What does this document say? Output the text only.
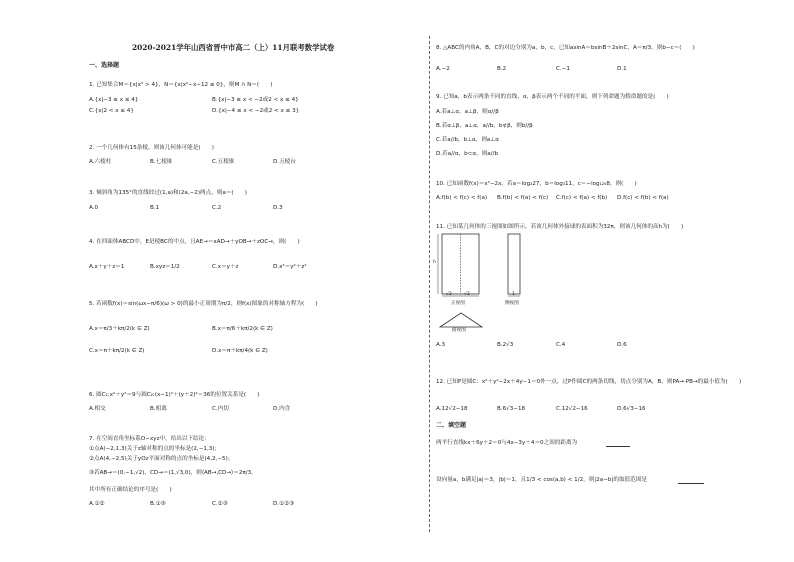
2020-2021学年山西省晋中市高二（上）11月联考数学试卷
一、选择题
1. 已知集合M＝{x|x² > 4}，N＝{x|x²−x−12 ≤ 0}，则M ∩ N＝(　　)
A.{x|−3 ≤ x ≤ 4}	B.{x|−3 ≤ x < −2或2 < x ≤ 4}
C.{x|2 < x ≤ 4}	D.{x|−4 ≤ x < −2或2 < x ≤ 3}
2. 一个几何体有15条棱，则该几何体可能是(　　)
A.六棱柱	B.七棱锥	C.五棱锥	D.五棱台
3. 倾斜角为135°的直线经过(1,a)和(2a,−2)两点，则a＝(　　)
A.0	B.1	C.2	D.3
4. 在四面体ABCD中，E是棱BC的中点，且AE→＝xAD→＋yOB→＋zOC→，则(　　)
A.x＋y＋z＝1	B.xyz＝1/2	C.x＝y＋z	D.x²＝y²＋z²
5. 若函数f(x)＝sin(ωx−π/6)(ω > 0)的最小正周期为π/2，则f(x)图象的对称轴方程为(　　)
A.x＝π/3＋kπ/2(k ∈ Z)	B.x＝π/6＋kπ/2(k ∈ Z)
C.x＝π＋kπ/2(k ∈ Z)	D.x＝π＋kπ/4(k ∈ Z)
6. 圆C₁:x²＋y²＝9与圆C₂:(x−1)²＋(y＋2)²＝36的位置关系是(　　)
A.相交	B.相离	C.内切	D.内含
7. 在空间直角坐标系O−xyz中，给出以下结论：
①点A(−2,1,3)关于z轴对称的点的坐标是(2,−1,3)；
②点A(4,−2,5)关于yOz平面对称的点的坐标是(4,2,−5)；
③若AB→＝(0,−1,√2)，CD→＝(1,√3,0)，则⟨AB→,CD→⟩＝2π/3。
其中所有正确结论的序号是(　　)
A.①②	B.①③	C.②③	D.①②③
8. △ABC的内角A，B，C的对边分别为a，b，c，已知asinA＝bsinB＋2sinC，A＝π/3，则b−c＝(　　)
A.−2	B.2	C.−1	D.1
9. 已知a，b表示两条不同的直线，α，β表示两个不同的平面，则下列命题为假命题的是(　　)
A.若a⊥α，a⊥β，则α//β
B.若α⊥β，a⊥α，a//b，b⊄β，则b//β
C.若a//b，b⊥α，则a⊥α
D.若a//α，b⊂α，则a//b
10. 已知函数f(x)＝x²−2x，若a＝log₂27，b＝log₃11，c＝−log₁₂₅8，则(　　)
A.f(b) < f(c) < f(a) B.f(b) < f(a) < f(c) C.f(c) < f(a) < f(b) D.f(c) < f(b) < f(a)
11. 已知某几何体的三视图如图所示，若该几何体外接球的表面积为32π，则该几何体的高h为(　　)
h
√3	√3	1
正视图	侧视图
俯视图
A.3	B.2√3	C.4	D.6
12. 已知P是圆C：x²＋y²−2x＋4y−1＝0外一点，过P作圆C的两条切线，切点分别为A，B，则PA→·PB→的最小值为(　　)
A.12√2−18	B.6√3−18	C.12√2−16	D.6√3−16
二、填空题
两平行直线kx＋6y＋2＝0与4x−3y＋4＝0之间的距离为
设向量a，b满足|a|＝3，|b|＝1，且1/3 < cos⟨a,b⟩ < 1/2，则|2a−b|的取值范围是
